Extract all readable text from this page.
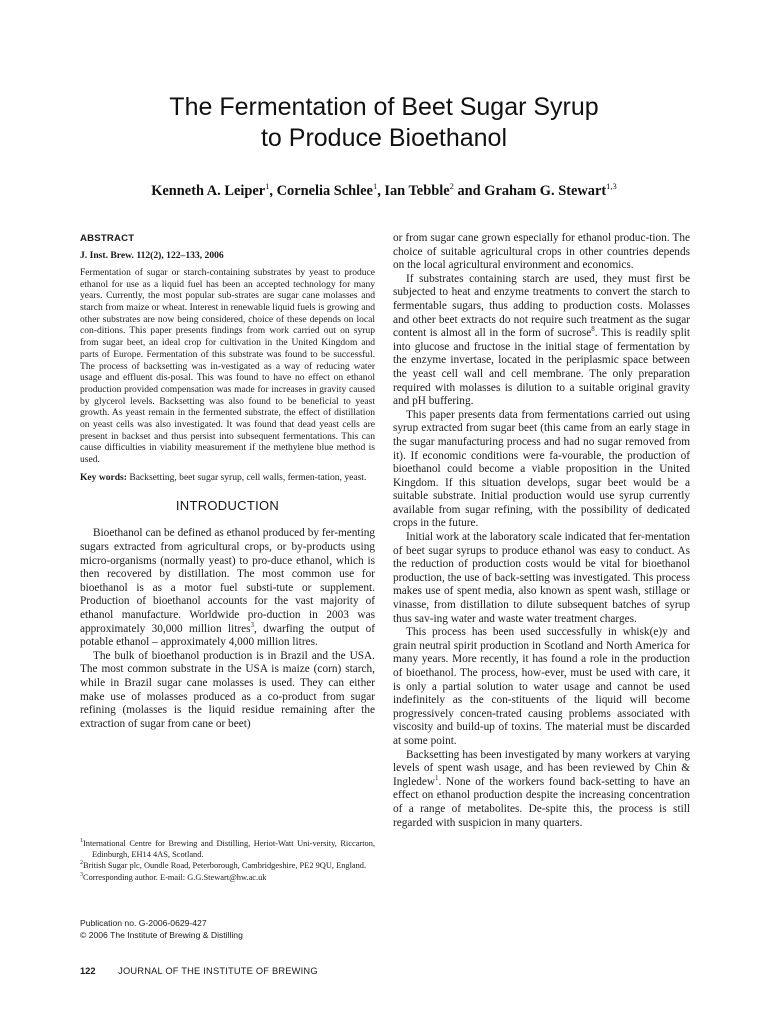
The Fermentation of Beet Sugar Syrup
to Produce Bioethanol
Kenneth A. Leiper$^1$, Cornelia Schlee$^1$, Ian Tebble$^2$ and Graham G. Stewart$^{1,3}$
ABSTRACT
J. Inst. Brew. 112(2), 122–133, 2006

Fermentation of sugar or starch-containing substrates by yeast to produce ethanol for use as a liquid fuel has been an accepted technology for many years. Currently, the most popular sub-strates are sugar cane molasses and starch from maize or wheat. Interest in renewable liquid fuels is growing and other substrates are now being considered, choice of these depends on local con-ditions. This paper presents findings from work carried out on syrup from sugar beet, an ideal crop for cultivation in the United Kingdom and parts of Europe. Fermentation of this substrate was found to be successful. The process of backsetting was in-vestigated as a way of reducing water usage and effluent dis-posal. This was found to have no effect on ethanol production provided compensation was made for increases in gravity caused by glycerol levels. Backsetting was also found to be beneficial to yeast growth. As yeast remain in the fermented substrate, the effect of distillation on yeast cells was also investigated. It was found that dead yeast cells are present in backset and thus persist into subsequent fermentations. This can cause difficulties in viability measurement if the methylene blue method is used.

Key words: Backsetting, beet sugar syrup, cell walls, fermen-tation, yeast.

INTRODUCTION

Bioethanol can be defined as ethanol produced by fer-menting sugars extracted from agricultural crops, or by-products using micro-organisms (normally yeast) to pro-duce ethanol, which is then recovered by distillation. The most common use for bioethanol is as a motor fuel substi-tute or supplement. Production of bioethanol accounts for the vast majority of ethanol manufacture. Worldwide pro-duction in 2003 was approximately 30,000 million litres$^3$, dwarfing the output of potable ethanol – approximately 4,000 million litres.

The bulk of bioethanol production is in Brazil and the USA. The most common substrate in the USA is maize (corn) starch, while in Brazil sugar cane molasses is used. They can either make use of molasses produced as a co-product from sugar refining (molasses is the liquid residue remaining after the extraction of sugar from cane or beet)

$^1$International Centre for Brewing and Distilling, Heriot-Watt Uni-versity, Riccarton, Edinburgh, EH14 4AS, Scotland.

$^2$British Sugar plc, Oundle Road, Peterborough, Cambridgeshire, PE2 9QU, England.

$^3$Corresponding author. E-mail: G.G.Stewart@hw.ac.uk

Publication no. G-2006-0629-427
© 2006 The Institute of Brewing & Distilling

or from sugar cane grown especially for ethanol produc-tion. The choice of suitable agricultural crops in other countries depends on the local agricultural environment and economics.

If substrates containing starch are used, they must first be subjected to heat and enzyme treatments to convert the starch to fermentable sugars, thus adding to production costs. Molasses and other beet extracts do not require such treatment as the sugar content is almost all in the form of sucrose$^8$. This is readily split into glucose and fructose in the initial stage of fermentation by the enzyme invertase, located in the periplasmic space between the yeast cell wall and cell membrane. The only preparation required with molasses is dilution to a suitable original gravity and pH buffering.

This paper presents data from fermentations carried out using syrup extracted from sugar beet (this came from an early stage in the sugar manufacturing process and had no sugar removed from it). If economic conditions were fa-vourable, the production of bioethanol could become a viable proposition in the United Kingdom. If this situation develops, sugar beet would be a suitable substrate. Initial production would use syrup currently available from sugar refining, with the possibility of dedicated crops in the future.

Initial work at the laboratory scale indicated that fer-mentation of beet sugar syrups to produce ethanol was easy to conduct. As the reduction of production costs would be vital for bioethanol production, the use of back-setting was investigated. This process makes use of spent media, also known as spent wash, stillage or vinasse, from distillation to dilute subsequent batches of syrup thus sav-ing water and waste water treatment charges.

This process has been used successfully in whisk(e)y and grain neutral spirit production in Scotland and North America for many years. More recently, it has found a role in the production of bioethanol. The process, how-ever, must be used with care, it is only a partial solution to water usage and cannot be used indefinitely as the con-stituents of the liquid will become progressively concen-trated causing problems associated with viscosity and build-up of toxins. The material must be discarded at some point.

Backsetting has been investigated by many workers at varying levels of spent wash usage, and has been reviewed by Chin & Ingledew$^1$. None of the workers found back-setting to have an effect on ethanol production despite the increasing concentration of a range of metabolites. De-spite this, the process is still regarded with suspicion in many quarters.

122 JOURNAL OF THE INSTITUTE OF BREWING
